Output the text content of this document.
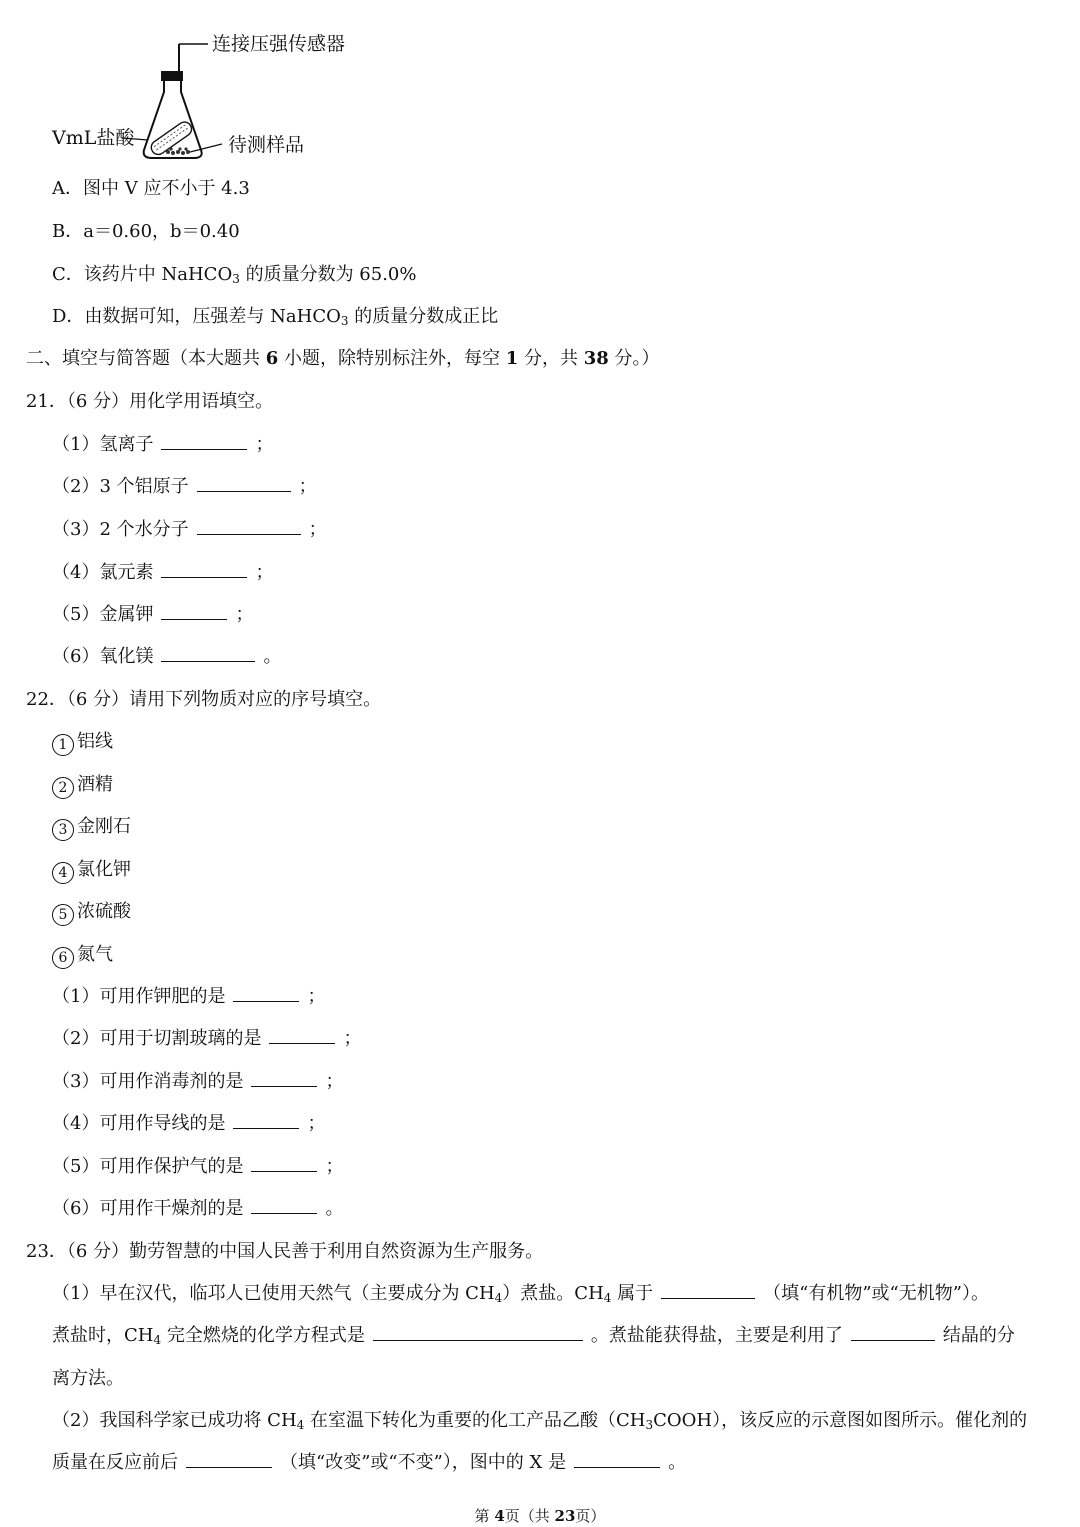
连接压强传感器
VmL盐酸	待测样品
A．图中 V 应不小于 4.3
B．a＝0.60，b＝0.40
C．该药片中 NaHCO$_3$ 的质量分数为 65.0%
D．由数据可知，压强差与 NaHCO$_3$ 的质量分数成正比
二、填空与简答题（本大题共 6 小题，除特别标注外，每空 1 分，共 38 分。）
21．（6 分）用化学用语填空。
（1）氢离子	；
（2）3 个铝原子	；
（3）2 个水分子	；
（4）氯元素	；
（5）金属钾	；
（6）氧化镁	。
22．（6 分）请用下列物质对应的序号填空。
1 铝线
2 酒精
3 金刚石
4 氯化钾
5 浓硫酸
6 氮气
（1）可用作钾肥的是	；
（2）可用于切割玻璃的是	；
（3）可用作消毒剂的是	；
（4）可用作导线的是	；
（5）可用作保护气的是	；
（6）可用作干燥剂的是	。
23．（6 分）勤劳智慧的中国人民善于利用自然资源为生产服务。
（1）早在汉代，临邛人已使用天然气（主要成分为 $CH_4$）煮盐。$CH_4$ 属于	（填“有机物”或“无机物”）。
煮盐时，$CH_4$ 完全燃烧的化学方程式是	。煮盐能获得盐，主要是利用了	结晶的分
离方法。
（2）我国科学家已成功将 $CH_4$ 在室温下转化为重要的化工产品乙酸$(CH_3COOH)$，该反应的示意图如图所示。催化剂的
质量在反应前后	（填“改变”或“不变”），图中的 X 是	。
第 4页（共 23页）
